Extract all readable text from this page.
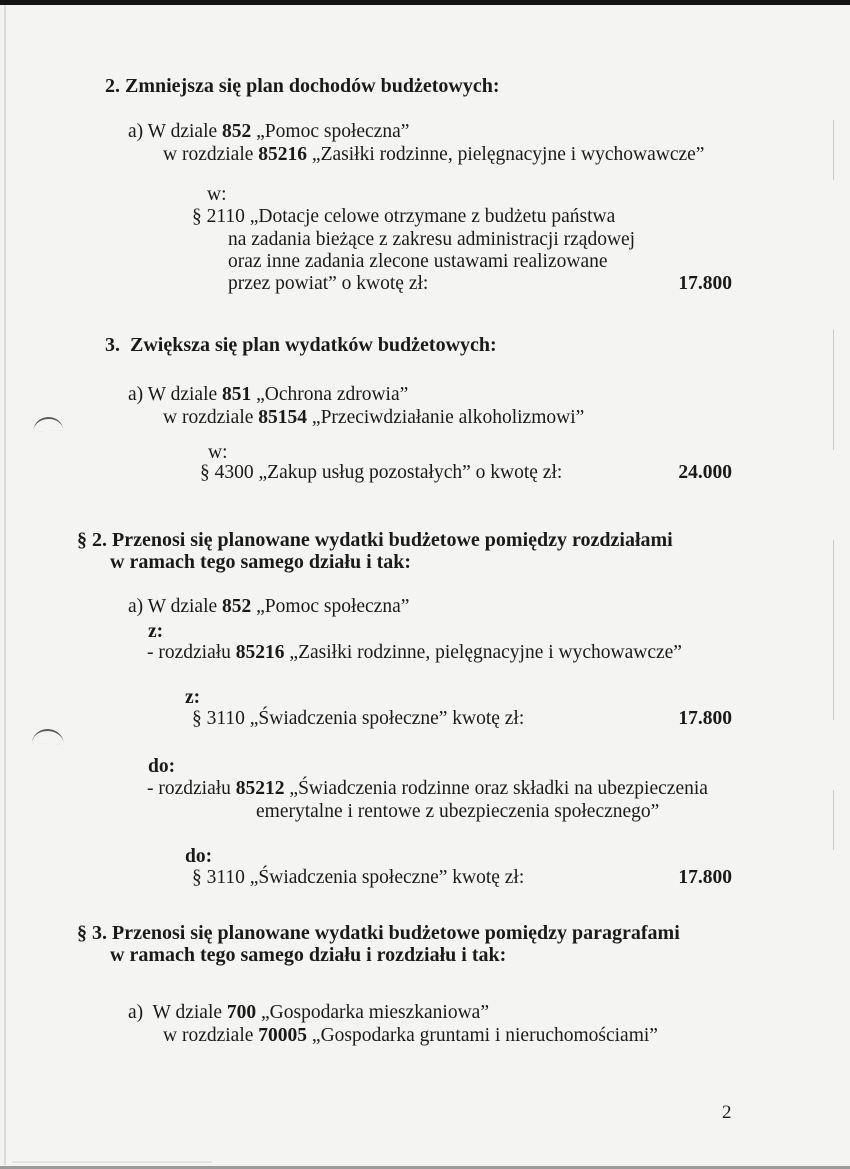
2. Zmniejsza się plan dochodów budżetowych:
a) W dziale 852 „Pomoc społeczna”
w rozdziale 85216 „Zasiłki rodzinne, pielęgnacyjne i wychowawcze”
w:
§ 2110 „Dotacje celowe otrzymane z budżetu państwa
na zadania bieżące z zakresu administracji rządowej
oraz inne zadania zlecone ustawami realizowane
przez powiat” o kwotę zł:	17.800
3.  Zwiększa się plan wydatków budżetowych:
a) W dziale 851 „Ochrona zdrowia”
w rozdziale 85154 „Przeciwdziałanie alkoholizmowi”
w:
§ 4300 „Zakup usług pozostałych” o kwotę zł:	24.000
§ 2. Przenosi się planowane wydatki budżetowe pomiędzy rozdziałami
w ramach tego samego działu i tak:
a) W dziale 852 „Pomoc społeczna”
z:
- rozdziału 85216 „Zasiłki rodzinne, pielęgnacyjne i wychowawcze”
z:
§ 3110 „Świadczenia społeczne” kwotę zł:	17.800
do:
- rozdziału 85212 „Świadczenia rodzinne oraz składki na ubezpieczenia
emerytalne i rentowe z ubezpieczenia społecznego”
do:
§ 3110 „Świadczenia społeczne” kwotę zł:	17.800
§ 3. Przenosi się planowane wydatki budżetowe pomiędzy paragrafami
w ramach tego samego działu i rozdziału i tak:
a)  W dziale 700 „Gospodarka mieszkaniowa”
w rozdziale 70005 „Gospodarka gruntami i nieruchomościami”
2
